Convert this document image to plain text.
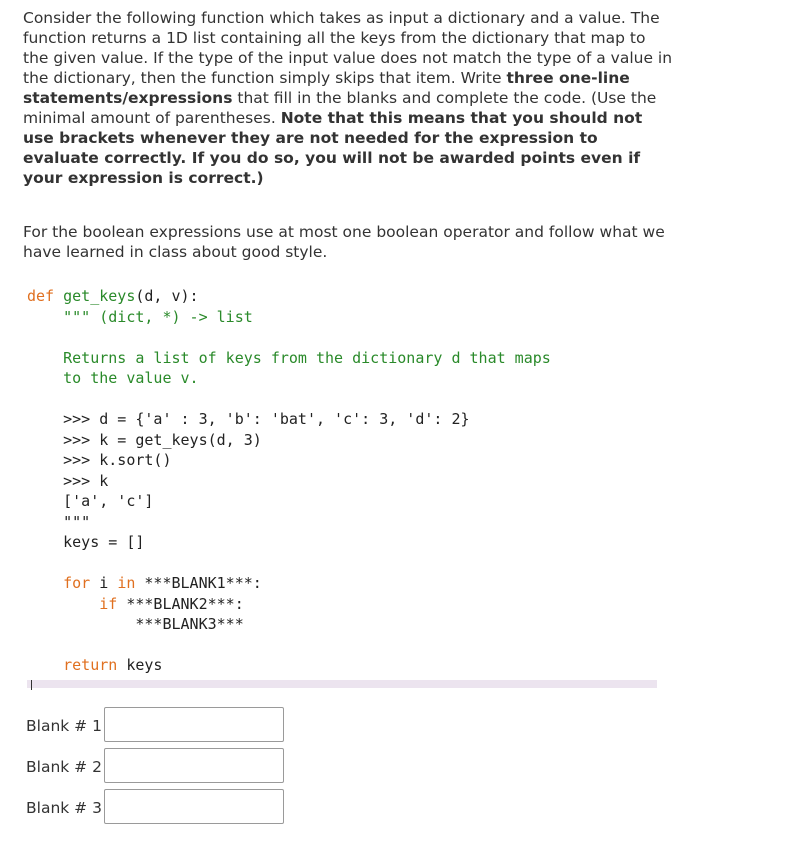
Consider the following function which takes as input a dictionary and a value. The function returns a 1D list containing all the keys from the dictionary that map to the given value. If the type of the input value does not match the type of a value in the dictionary, then the function simply skips that item. Write three one-line statements/expressions that fill in the blanks and complete the code. (Use the minimal amount of parentheses. Note that this means that you should not use brackets whenever they are not needed for the expression to evaluate correctly. If you do so, you will not be awarded points even if your expression is correct.)

For the boolean expressions use at most one boolean operator and follow what we have learned in class about good style.

def get_keys(d, v):
""" (dict, *) -> list
Returns a list of keys from the dictionary d that maps
to the value v.
>>> d = {'a' : 3, 'b': 'bat', 'c': 3, 'd': 2}
>>> k = get_keys(d, 3)
>>> k.sort()
>>> k
['a', 'c']
"""
keys = []
for i in ***BLANK1***:
if ***BLANK2***:
***BLANK3***
return keys
Blank # 1
Blank # 2
Blank # 3
